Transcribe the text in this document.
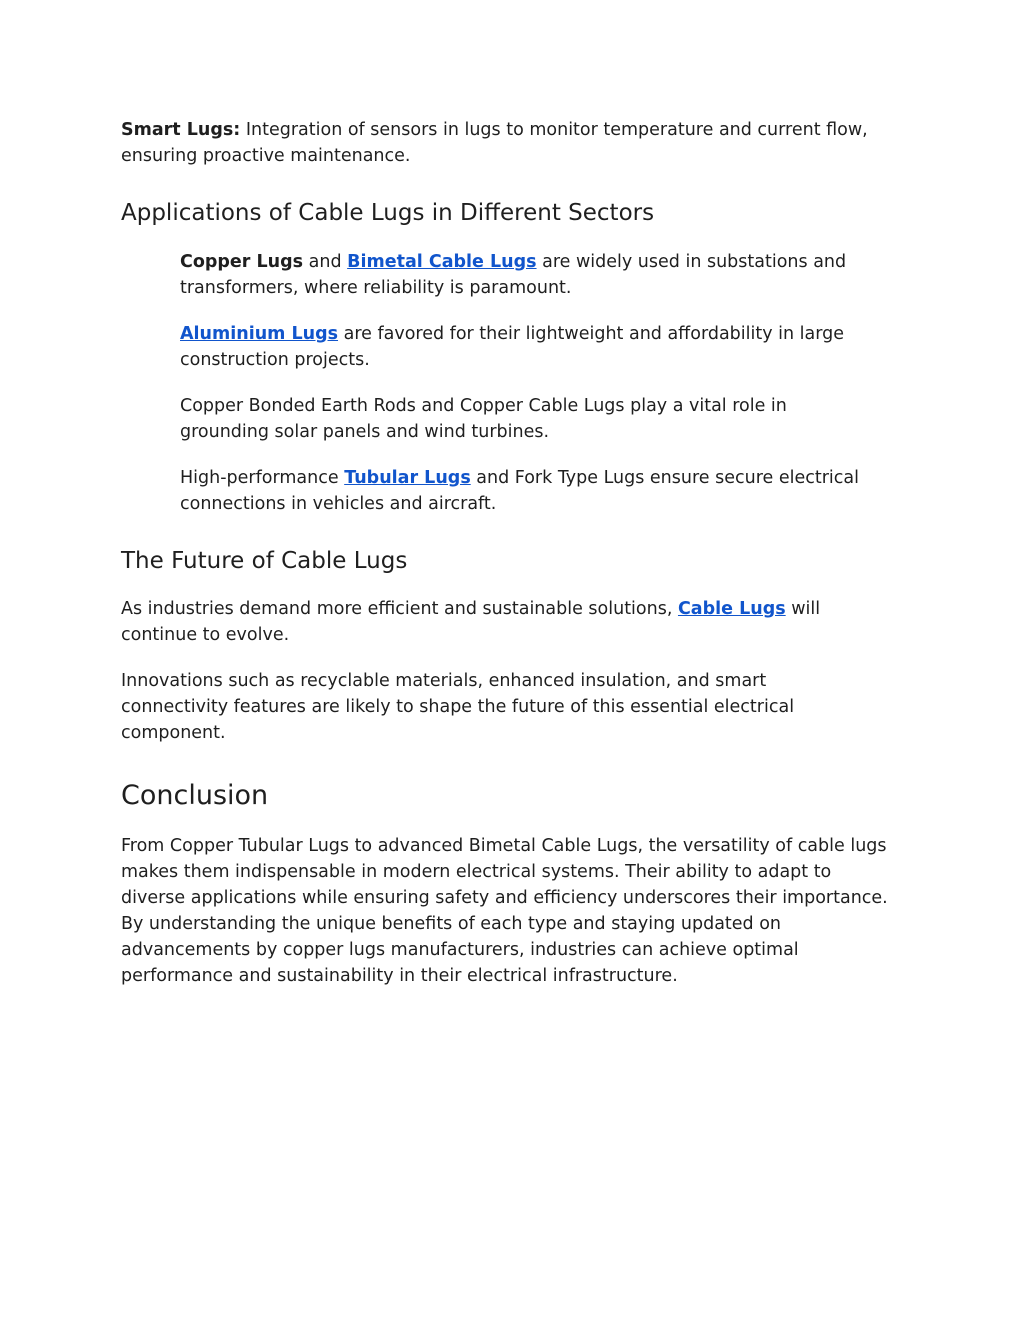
Smart Lugs: Integration of sensors in lugs to monitor temperature and current flow, ensuring proactive maintenance.

Applications of Cable Lugs in Different Sectors

Copper Lugs and Bimetal Cable Lugs are widely used in substations and transformers, where reliability is paramount.

Aluminium Lugs are favored for their lightweight and affordability in large construction projects.

Copper Bonded Earth Rods and Copper Cable Lugs play a vital role in grounding solar panels and wind turbines.

High-performance Tubular Lugs and Fork Type Lugs ensure secure electrical connections in vehicles and aircraft.

The Future of Cable Lugs

As industries demand more efficient and sustainable solutions, Cable Lugs will continue to evolve.

Innovations such as recyclable materials, enhanced insulation, and smart connectivity features are likely to shape the future of this essential electrical component.

Conclusion

From Copper Tubular Lugs to advanced Bimetal Cable Lugs, the versatility of cable lugs makes them indispensable in modern electrical systems. Their ability to adapt to diverse applications while ensuring safety and efficiency underscores their importance. By understanding the unique benefits of each type and staying updated on advancements by copper lugs manufacturers, industries can achieve optimal performance and sustainability in their electrical infrastructure.
